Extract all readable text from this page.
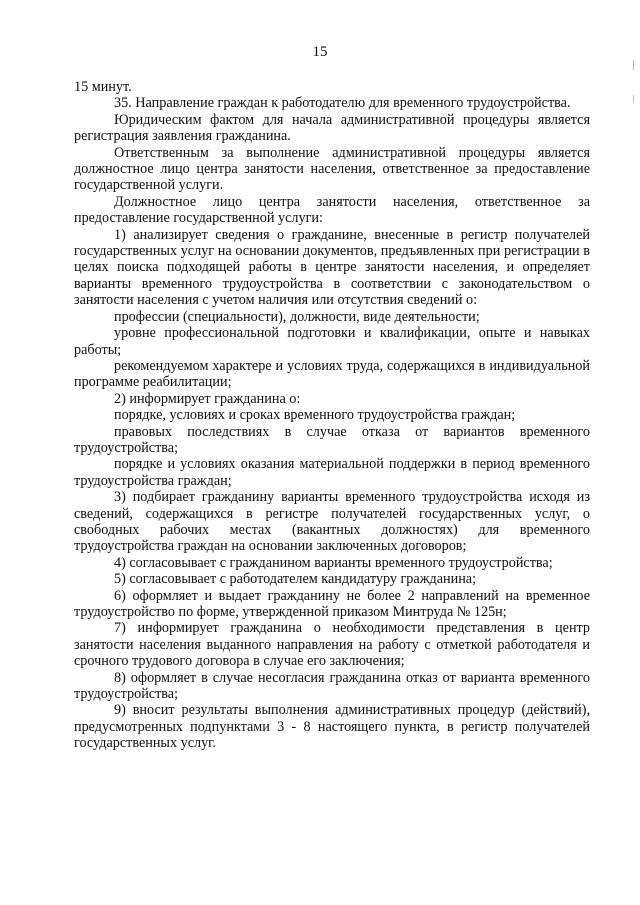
15

15 минут.

35. Направление граждан к работодателю для временного трудоустройства.

Юридическим фактом для начала административной процедуры является регистрация заявления гражданина.

Ответственным за выполнение административной процедуры является должностное лицо центра занятости населения, ответственное за предоставление государственной услуги.

Должностное лицо центра занятости населения, ответственное за предоставление государственной услуги:

1) анализирует сведения о гражданине, внесенные в регистр получателей государственных услуг на основании документов, предъявленных при регистрации в целях поиска подходящей работы в центре занятости населения, и определяет варианты временного трудоустройства в соответствии с законодательством о занятости населения с учетом наличия или отсутствия сведений о:

профессии (специальности), должности, виде деятельности;

уровне профессиональной подготовки и квалификации, опыте и навыках работы;

рекомендуемом характере и условиях труда, содержащихся в индивидуальной программе реабилитации;

2) информирует гражданина о:

порядке, условиях и сроках временного трудоустройства граждан;

правовых последствиях в случае отказа от вариантов временного трудоустройства;

порядке и условиях оказания материальной поддержки в период временного трудоустройства граждан;

3) подбирает гражданину варианты временного трудоустройства исходя из сведений, содержащихся в регистре получателей государственных услуг, о свободных рабочих местах (вакантных должностях) для временного трудоустройства граждан на основании заключенных договоров;

4) согласовывает с гражданином варианты временного трудоустройства;

5) согласовывает с работодателем кандидатуру гражданина;

6) оформляет и выдает гражданину не более 2 направлений на временное трудоустройство по форме, утвержденной приказом Минтруда № 125н;

7) информирует гражданина о необходимости представления в центр занятости населения выданного направления на работу с отметкой работодателя и срочного трудового договора в случае его заключения;

8) оформляет в случае несогласия гражданина отказ от варианта временного трудоустройства;

9) вносит результаты выполнения административных процедур (действий), предусмотренных подпунктами 3 - 8 настоящего пункта, в регистр получателей государственных услуг.
